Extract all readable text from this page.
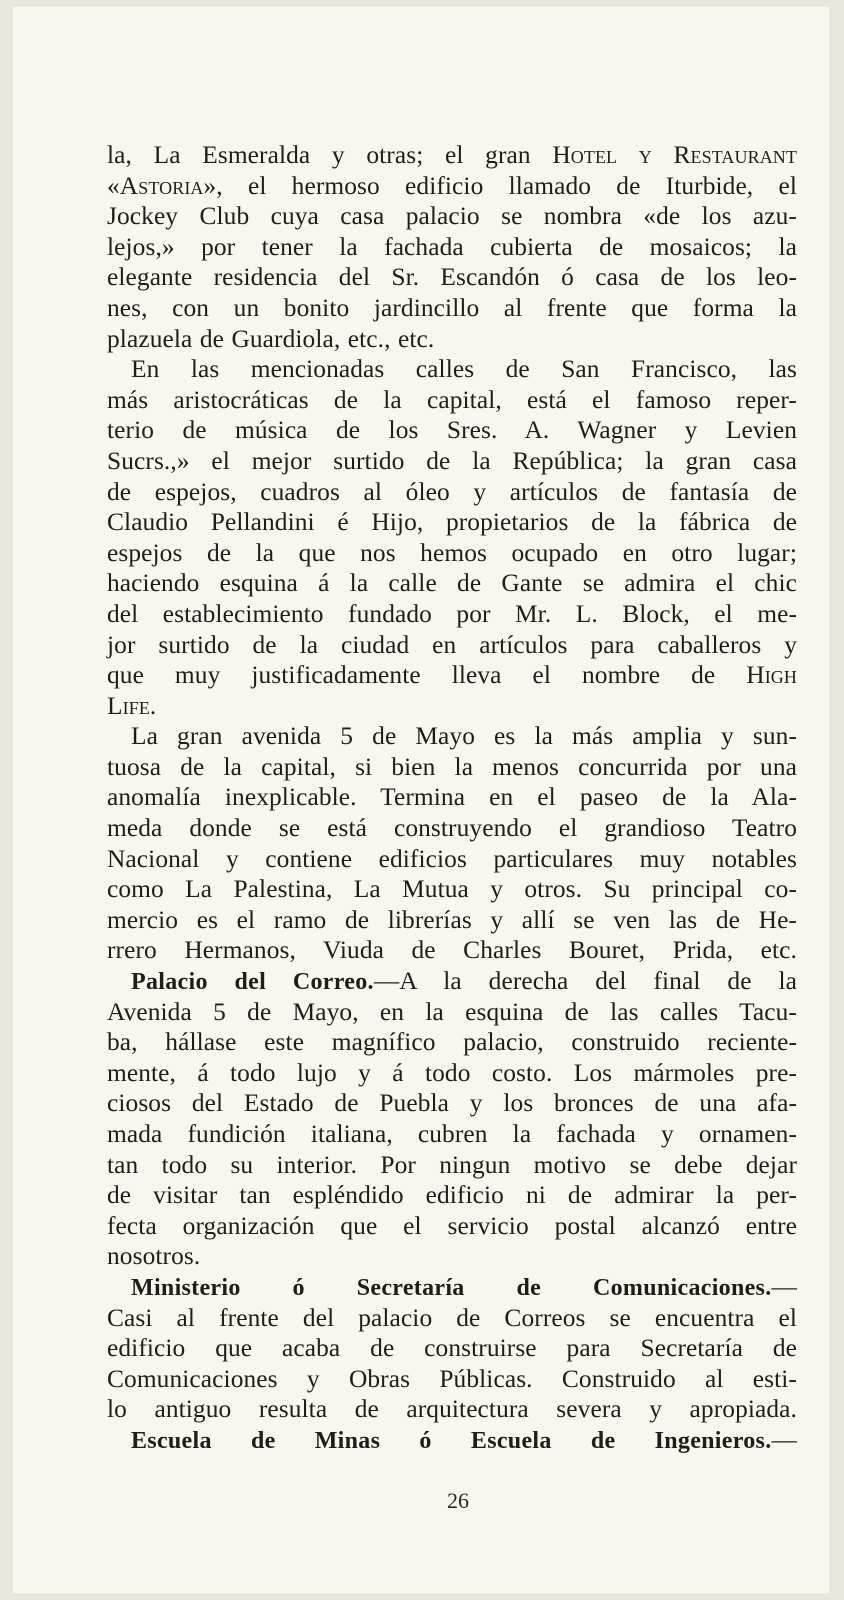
la, La Esmeralda y otras; el gran Hotel y Restaurant
«Astoria», el hermoso edificio llamado de Iturbide, el
Jockey Club cuya casa palacio se nombra «de los azu-
lejos,» por tener la fachada cubierta de mosaicos; la
elegante residencia del Sr. Escandón ó casa de los leo-
nes, con un bonito jardincillo al frente que forma la
plazuela de Guardiola, etc., etc.
En las mencionadas calles de San Francisco, las
más aristocráticas de la capital, está el famoso reper-
terio de música de los Sres. A. Wagner y Levien
Sucrs.,» el mejor surtido de la República; la gran casa
de espejos, cuadros al óleo y artículos de fantasía de
Claudio Pellandini é Hijo, propietarios de la fábrica de
espejos de la que nos hemos ocupado en otro lugar;
haciendo esquina á la calle de Gante se admira el chic
del establecimiento fundado por Mr. L. Block, el me-
jor surtido de la ciudad en artículos para caballeros y
que muy justificadamente lleva el nombre de High
Life.
La gran avenida 5 de Mayo es la más amplia y sun-
tuosa de la capital, si bien la menos concurrida por una
anomalía inexplicable. Termina en el paseo de la Ala-
meda donde se está construyendo el grandioso Teatro
Nacional y contiene edificios particulares muy notables
como La Palestina, La Mutua y otros. Su principal co-
mercio es el ramo de librerías y allí se ven las de He-
rrero Hermanos, Viuda de Charles Bouret, Prida, etc.
Palacio del Correo.—A la derecha del final de la
Avenida 5 de Mayo, en la esquina de las calles Tacu-
ba, hállase este magnífico palacio, construido reciente-
mente, á todo lujo y á todo costo. Los mármoles pre-
ciosos del Estado de Puebla y los bronces de una afa-
mada fundición italiana, cubren la fachada y ornamen-
tan todo su interior. Por ningun motivo se debe dejar
de visitar tan espléndido edificio ni de admirar la per-
fecta organización que el servicio postal alcanzó entre
nosotros.
Ministerio ó Secretaría de Comunicaciones.—
Casi al frente del palacio de Correos se encuentra el
edificio que acaba de construirse para Secretaría de
Comunicaciones y Obras Públicas. Construido al esti-
lo antiguo resulta de arquitectura severa y apropiada.
Escuela de Minas ó Escuela de Ingenieros.—
26
